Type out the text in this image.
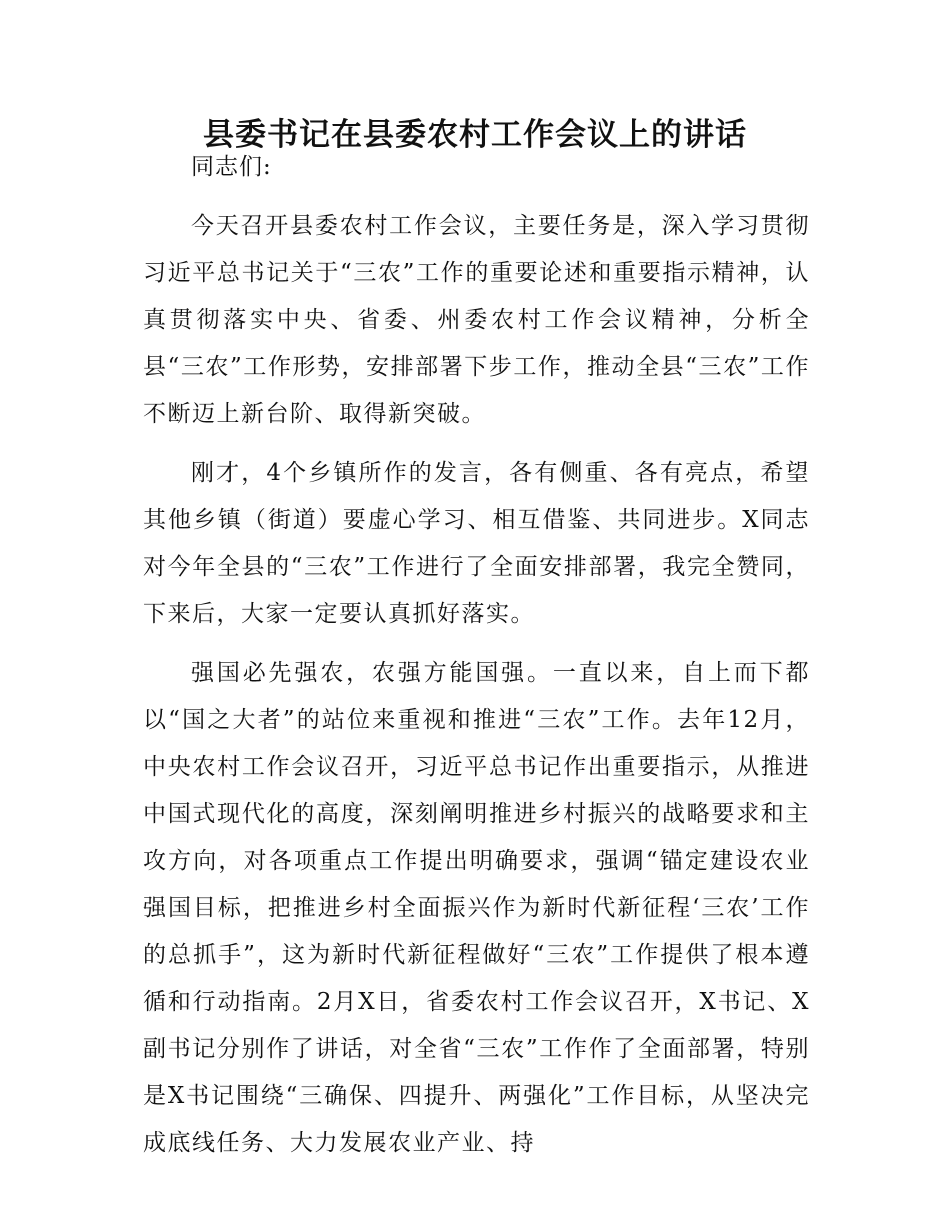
县委书记在县委农村工作会议上的讲话

同志们:

今天召开县委农村工作会议，主要任务是，深入学习贯彻习近平总书记关于“三农”工作的重要论述和重要指示精神，认真贯彻落实中央、省委、州委农村工作会议精神，分析全县“三农”工作形势，安排部署下步工作，推动全县“三农”工作不断迈上新台阶、取得新突破。

刚才，4个乡镇所作的发言，各有侧重、各有亮点，希望其他乡镇（街道）要虚心学习、相互借鉴、共同进步。X同志对今年全县的“三农”工作进行了全面安排部署，我完全赞同，下来后，大家一定要认真抓好落实。

强国必先强农，农强方能国强。一直以来，自上而下都以“国之大者”的站位来重视和推进“三农”工作。去年12月，中央农村工作会议召开，习近平总书记作出重要指示，从推进中国式现代化的高度，深刻阐明推进乡村振兴的战略要求和主攻方向，对各项重点工作提出明确要求，强调“锚定建设农业强国目标，把推进乡村全面振兴作为新时代新征程‘三农’工作的总抓手”，这为新时代新征程做好“三农”工作提供了根本遵循和行动指南。2月X日，省委农村工作会议召开，X书记、X副书记分别作了讲话，对全省“三农”工作作了全面部署，特别是X书记围绕“三确保、四提升、两强化”工作目标，从坚决完成底线任务、大力发展农业产业、持
